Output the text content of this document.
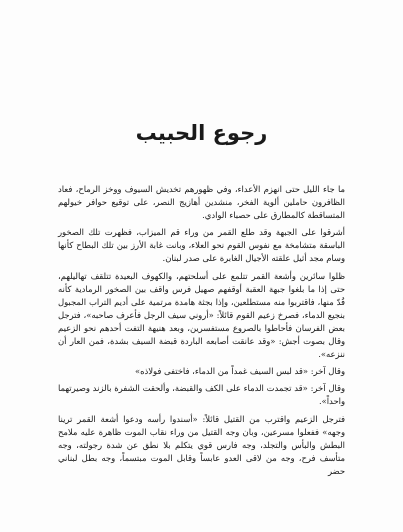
رجوع الحبيب

ما جاء الليل حتى انهزم الأعداء، وفي ظهورهم تخديش السيوف ووخز الرماح، فعاد الظافرون حاملين ألوية الفخر، منشدين أهازيج النصر، على توقيع حوافر خيولهم المتساقطة كالمطارق على حصباء الوادي.

أشرقوا على الجبهة وقد طلع القمر من وراء قم الميزاب، فظهرت تلك الصخور الباسقة متشامخة مع نفوس القوم نحو العلاء، وبانت غابة الأرز بين تلك البطاح كأنها وسام مجد أثيل علقته الأجيال الغابرة على صدر لبنان.

ظلوا سائرين وأشعة القمر تتلمع على أسلحتهم، والكهوف البعيدة تتلقف تهاليلهم، حتى إذا ما بلغوا جبهة العقبة أوقفهم صهيل فرس واقف بين الصخور الرمادية كأنه قُدّ منها، فاقتربوا منه مستطلعين، وإذا بجثة هامدة مرتمية على أديم التراب المجبول بنجيع الدماء، فصرخ زعيم القوم قائلاً: «أروني سيف الرجل فأعرف صاحبه»، فترجل بعض الفرسان فأحاطوا بالصروع مستفسرين، وبعد هنيهة التفت أحدهم نحو الزعيم وقال بصوت أجش: «وقد عانقت أصابعه الباردة قبضة السيف بشدة، فمن العار أن ننزعه».

وقال آخر: «قد لبس السيف غمداً من الدماء، فاختفى فولاذه»

وقال آخر: «قد تجمدت الدماء على الكف والقبضة، وألحقت الشفرة بالزند وصيرتهما واحداً».

فترجل الزعيم واقترب من القتيل قائلاً: «أسندوا رأسه ودعوا أشعة القمر ترينا وجهه» ففعلوا مسرعين، وبان وجه القتيل من وراء نقاب الموت ظاهرة عليه ملامح البطش والبأس والتجلد، وجه فارس قوي يتكلم بلا نطق عن شدة رجولته، وجه متأسف فرح، وجه من لاقى العدو عابساً وقابل الموت مبتسماً، وجه بطل لبناني حضر
